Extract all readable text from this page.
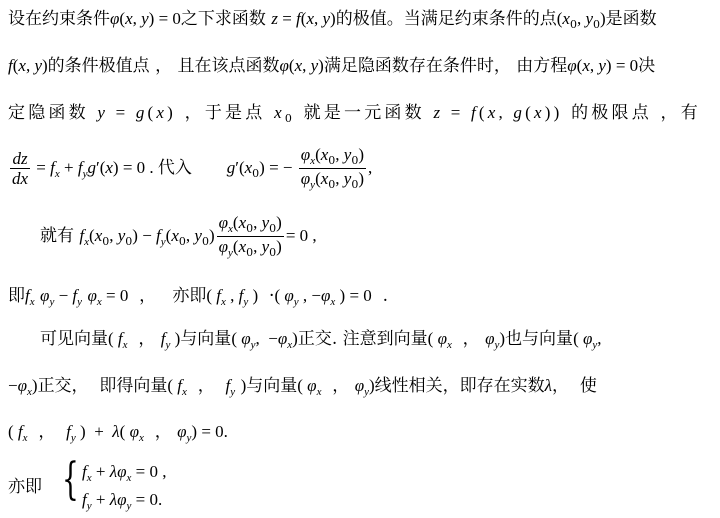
设在约束条件φ(x, y) = 0之下求函数 z = f(x, y)的极值。当满足约束条件的点($x_0$, $y_0$)是函数
f(x, y)的条件极值点 ， 且在该点函数φ(x, y)满足隐函数存在条件时， 由方程φ(x, y) = 0决
定隐函数 y = g(x) ，于是点 $x_0$ 就是一元函数 z = f(x, g(x)) 的极限点 ，有
$\frac{dz}{dx} = f_x + f_yg'(x) = 0$ . 代入  $g'(x_0)$ = − $\frac{\varphi_x(x_0, y_0)}{\varphi_y(x_0, y_0)}$ ,
就有 $f_x(x_0$, $y_0) - f_y(x_0$, $y_0) \frac{\varphi_x(x_0, y_0)}{\varphi_y(x_0, y_0)} = 0$ ,
即$f_x$ $\varphi_y - f_y$ $\varphi_x = 0$  ，   亦即( $f_x$ , $f_y$ )  ·( $\varphi_y$ , $-\varphi_x$ ) = 0  .
可见向量( $f_x$  ， $f_y$ )与向量( $\varphi_y$,  $-\varphi_x$)正交. 注意到向量( $\varphi_x$  ， $\varphi_y$)也与向量( $\varphi_y$,
$-\varphi_x$)正交，  即得向量( $f_x$  ，  $f_y$ )与向量( $\varphi_x$  ， $\varphi_y$)线性相关，即存在实数λ，  使
( $f_x$  ，  $f_y$ )  +  λ( $\varphi_x$  ， $\varphi_y) = 0$.
亦即 { $f_x + \lambda\varphi_x = 0$ ,
$f_y + \lambda\varphi_y = 0$.
